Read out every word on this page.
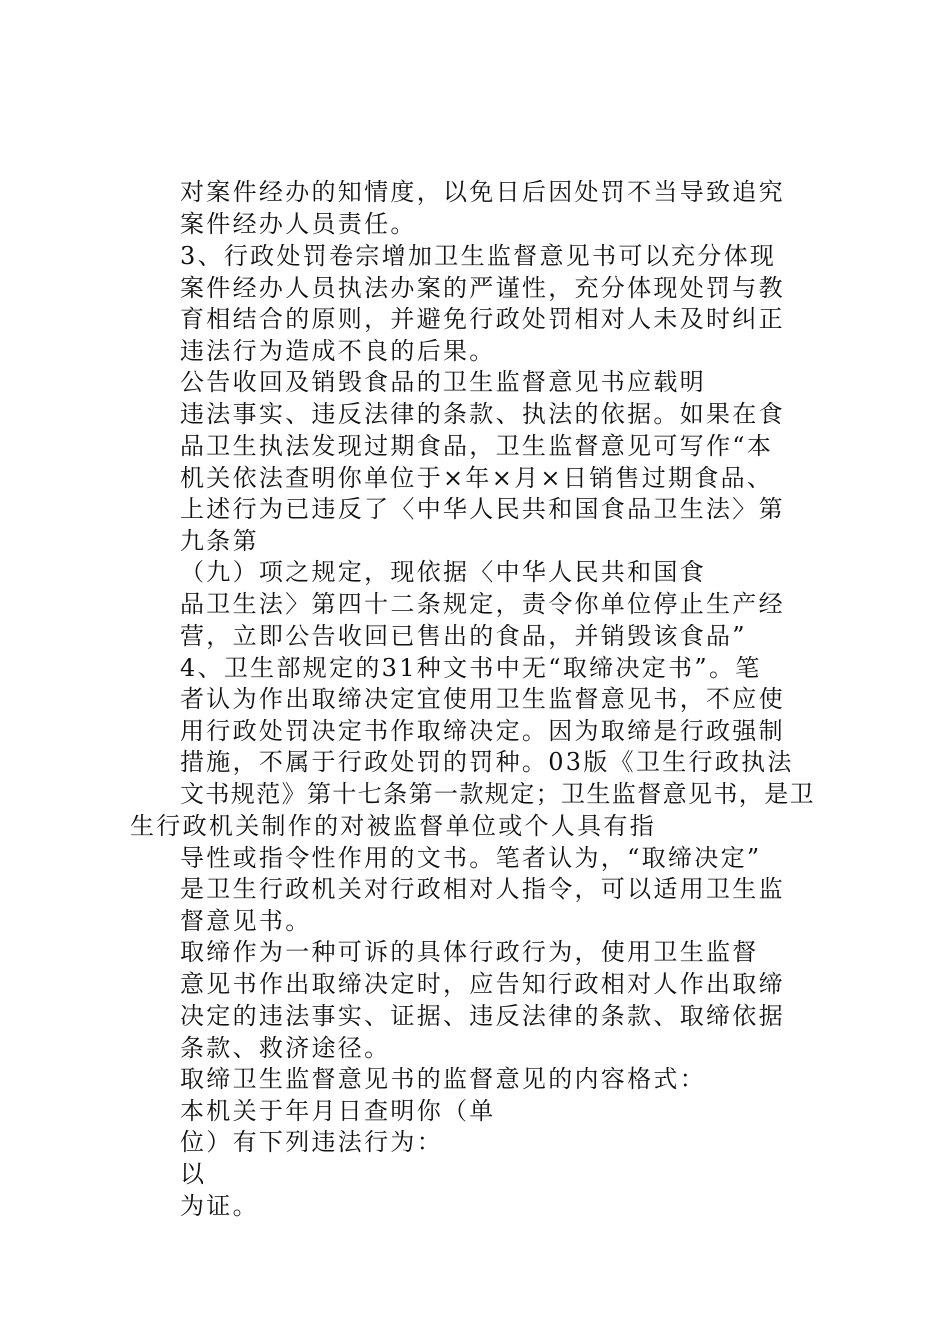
对案件经办的知情度，以免日后因处罚不当导致追究
案件经办人员责任。
3、行政处罚卷宗增加卫生监督意见书可以充分体现
案件经办人员执法办案的严谨性，充分体现处罚与教
育相结合的原则，并避免行政处罚相对人未及时纠正
违法行为造成不良的后果。
公告收回及销毁食品的卫生监督意见书应载明
违法事实、违反法律的条款、执法的依据。如果在食
品卫生执法发现过期食品，卫生监督意见可写作“本
机关依法查明你单位于×年×月×日销售过期食品、
上述行为已违反了〈中华人民共和国食品卫生法〉第
九条第
（九）项之规定，现依据〈中华人民共和国食
品卫生法〉第四十二条规定，责令你单位停止生产经
营，立即公告收回已售出的食品，并销毁该食品”
4、卫生部规定的31种文书中无“取缔决定书”。笔
者认为作出取缔决定宜使用卫生监督意见书，不应使
用行政处罚决定书作取缔决定。因为取缔是行政强制
措施，不属于行政处罚的罚种。03版《卫生行政执法
文书规范》第十七条第一款规定；卫生监督意见书，是卫
生行政机关制作的对被监督单位或个人具有指
导性或指令性作用的文书。笔者认为，“取缔决定”
是卫生行政机关对行政相对人指令，可以适用卫生监
督意见书。
取缔作为一种可诉的具体行政行为，使用卫生监督
意见书作出取缔决定时，应告知行政相对人作出取缔
决定的违法事实、证据、违反法律的条款、取缔依据
条款、救济途径。
取缔卫生监督意见书的监督意见的内容格式：
本机关于年月日查明你（单
位）有下列违法行为：
以
为证。
